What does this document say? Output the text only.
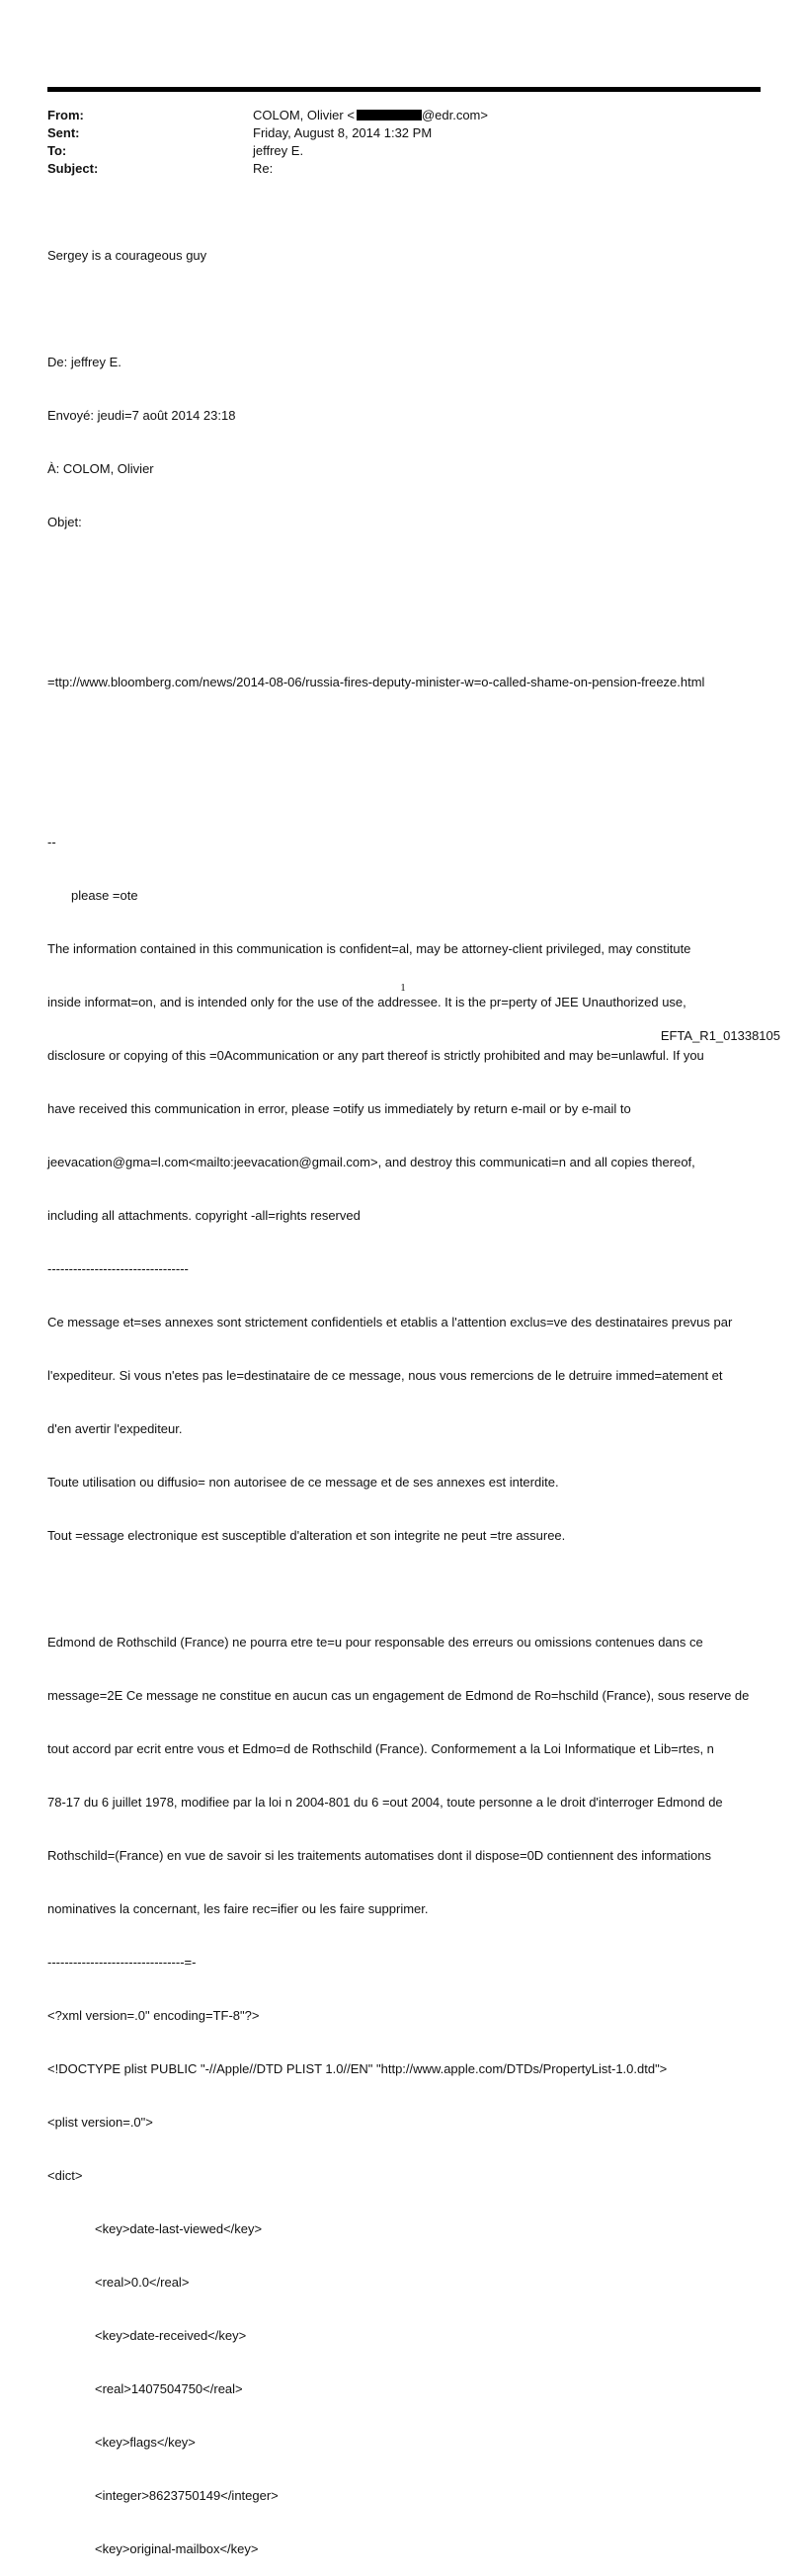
From:	COLOM, Olivier <	@edr.com>
Sent:	Friday, August 8, 2014 1:32 PM
To:	jeffrey E.
Subject:	Re:

Sergey is a courageous guy

De: jeffrey E.

Envoyé: jeudi=7 août 2014 23:18

À: COLOM, Olivier

Objet:

=ttp://www.bloomberg.com/news/2014-08-06/russia-fires-deputy-minister-w=o-called-shame-on-pension-freeze.html

--

please =ote

The information contained in this communication is confident=al, may be attorney-client privileged, may constitute

inside informat=on, and is intended only for the use of the addressee. It is the pr=perty of JEE Unauthorized use,

disclosure or copying of this =0Acommunication or any part thereof is strictly prohibited and may be=unlawful. If you

have received this communication in error, please =otify us immediately by return e-mail or by e-mail to

jeevacation@gma=l.com<mailto:jeevacation@gmail.com>, and destroy this communicati=n and all copies thereof,

including all attachments. copyright -all=rights reserved

---------------------------------

Ce message et=ses annexes sont strictement confidentiels et etablis a l'attention exclus=ve des destinataires prevus par

l'expediteur. Si vous n'etes pas le=destinataire de ce message, nous vous remercions de le detruire immed=atement et

d'en avertir l'expediteur.

Toute utilisation ou diffusio= non autorisee de ce message et de ses annexes est interdite.

Tout =essage electronique est susceptible d'alteration et son integrite ne peut =tre assuree.

Edmond de Rothschild (France) ne pourra etre te=u pour responsable des erreurs ou omissions contenues dans ce

message=2E Ce message ne constitue en aucun cas un engagement de Edmond de Ro=hschild (France), sous reserve de

tout accord par ecrit entre vous et Edmo=d de Rothschild (France). Conformement a la Loi Informatique et Lib=rtes, n

78-17 du 6 juillet 1978, modifiee par la loi n 2004-801 du 6 =out 2004, toute personne a le droit d'interroger Edmond de

Rothschild=(France) en vue de savoir si les traitements automatises dont il dispose=0D contiennent des informations

nominatives la concernant, les faire rec=ifier ou les faire supprimer.

--------------------------------=-

<?xml version=.0" encoding=TF-8"?>

<!DOCTYPE plist PUBLIC "-//Apple//DTD PLIST 1.0//EN" "http://www.apple.com/DTDs/PropertyList-1.0.dtd">

<plist version=.0">

<dict>

<key>date-last-viewed</key>

<real>0.0</real>

<key>date-received</key>

<real>1407504750</real>

<key>flags</key>

<integer>8623750149</integer>

<key>original-mailbox</key>

1
EFTA_R1_01338105
